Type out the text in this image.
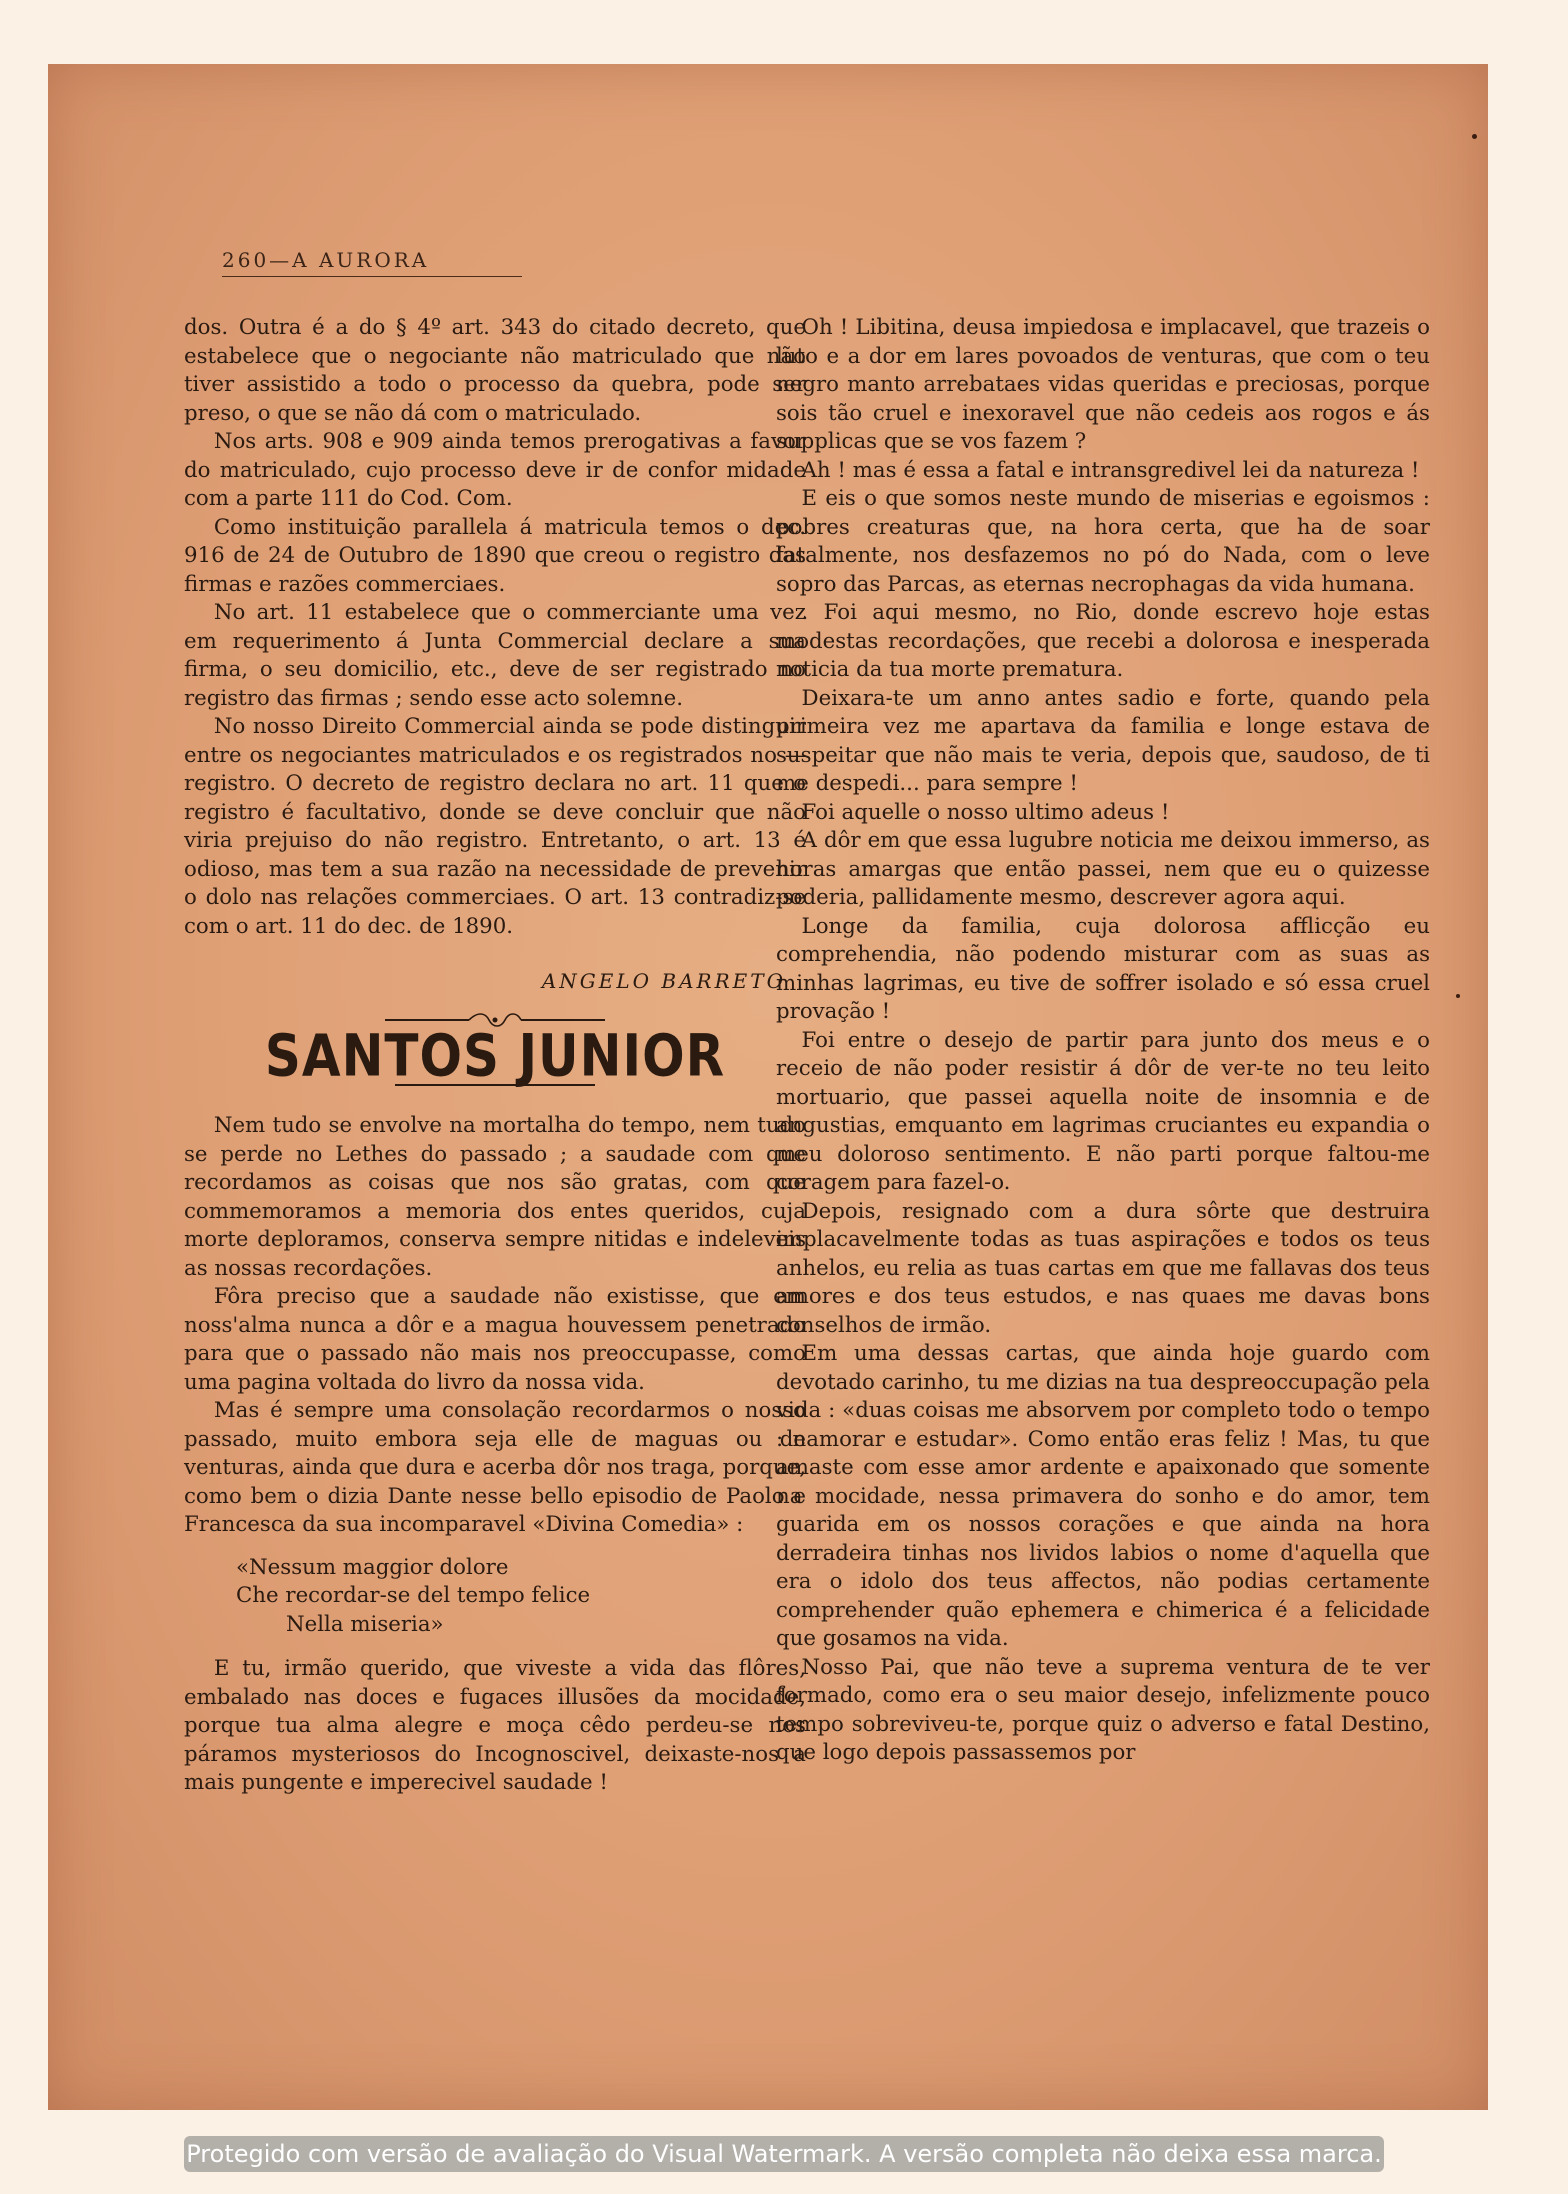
260—A AURORA

dos. Outra é a do § 4º art. 343 do citado decreto, que estabelece que o negociante não matriculado que não tiver assistido a todo o processo da quebra, pode ser preso, o que se não dá com o matriculado.

Nos arts. 908 e 909 ainda temos prerogativas a favor do matriculado, cujo processo deve ir de confor midade com a parte 111 do Cod. Com.

Como instituição parallela á matricula temos o dec. 916 de 24 de Outubro de 1890 que creou o registro das firmas e razões commerciaes.

No art. 11 estabelece que o commerciante uma vez em requerimento á Junta Commercial declare a sua firma, o seu domicilio, etc., deve de ser registrado no registro das firmas ; sendo esse acto solemne.

No nosso Direito Commercial ainda se pode distinguir entre os negociantes matriculados e os registrados no — registro. O decreto de registro declara no art. 11 que o registro é facultativo, donde se deve concluir que não viria prejuiso do não registro. Entretanto, o art. 13 é odioso, mas tem a sua razão na necessidade de prevenir o dolo nas relações commerciaes. O art. 13 contradiz-se com o art. 11 do dec. de 1890.

ANGELO BARRETO
SANTOS JUNIOR

Nem tudo se envolve na mortalha do tempo, nem tudo se perde no Lethes do passado ; a saudade com que recordamos as coisas que nos são gratas, com que commemoramos a memoria dos entes queridos, cuja morte deploramos, conserva sempre nitidas e indeleveis as nossas recordações.

Fôra preciso que a saudade não existisse, que em noss'alma nunca a dôr e a magua houvessem penetrado para que o passado não mais nos preoccupasse, como uma pagina voltada do livro da nossa vida.

Mas é sempre uma consolação recordarmos o nosso passado, muito embora seja elle de maguas ou de venturas, ainda que dura e acerba dôr nos traga, porque, como bem o dizia Dante nesse bello episodio de Paolo e Francesca da sua incomparavel «Divina Comedia» :

«Nessum maggior dolore
Che recordar-se del tempo felice
Nella miseria»

E tu, irmão querido, que viveste a vida das flôres, embalado nas doces e fugaces illusões da mocidade, porque tua alma alegre e moça cêdo perdeu-se nos páramos mysteriosos do Incognoscivel, deixaste-nos a mais pungente e imperecivel saudade !

Oh ! Libitina, deusa impiedosa e implacavel, que trazeis o luto e a dor em lares povoados de venturas, que com o teu negro manto arrebataes vidas queridas e preciosas, porque sois tão cruel e inexoravel que não cedeis aos rogos e ás supplicas que se vos fazem ?

Ah ! mas é essa a fatal e intransgredivel lei da natureza !

E eis o que somos neste mundo de miserias e egoismos : pobres creaturas que, na hora certa, que ha de soar fatalmente, nos desfazemos no pó do Nada, com o leve sopro das Parcas, as eternas necrophagas da vida humana.

. Foi aqui mesmo, no Rio, donde escrevo hoje estas modestas recordações, que recebi a dolorosa e inesperada noticia da tua morte prematura.

Deixara-te um anno antes sadio e forte, quando pela primeira vez me apartava da familia e longe estava de suspeitar que não mais te veria, depois que, saudoso, de ti me despedi... para sempre !

Foi aquelle o nosso ultimo adeus !

A dôr em que essa lugubre noticia me deixou immerso, as horas amargas que então passei, nem que eu o quizesse poderia, pallidamente mesmo, descrever agora aqui.

Longe da familia, cuja dolorosa afflicção eu comprehendia, não podendo misturar com as suas as minhas lagrimas, eu tive de soffrer isolado e só essa cruel provação !

Foi entre o desejo de partir para junto dos meus e o receio de não poder resistir á dôr de ver-te no teu leito mortuario, que passei aquella noite de insomnia e de angustias, emquanto em lagrimas cruciantes eu expandia o meu doloroso sentimento. E não parti porque faltou-me coragem para fazel-o.

Depois, resignado com a dura sôrte que destruira implacavelmente todas as tuas aspirações e todos os teus anhelos, eu relia as tuas cartas em que me fallavas dos teus amores e dos teus estudos, e nas quaes me davas bons conselhos de irmão.

Em uma dessas cartas, que ainda hoje guardo com devotado carinho, tu me dizias na tua despreoccupação pela vida : «duas coisas me absorvem por completo todo o tempo : namorar e estudar». Como então eras feliz ! Mas, tu que amaste com esse amor ardente e apaixonado que somente na mocidade, nessa primavera do sonho e do amor, tem guarida em os nossos corações e que ainda na hora derradeira tinhas nos lividos labios o nome d'aquella que era o idolo dos teus affectos, não podias certamente comprehender quão ephemera e chimerica é a felicidade que gosamos na vida.

Nosso Pai, que não teve a suprema ventura de te ver formado, como era o seu maior desejo, infelizmente pouco tempo sobreviveu-te, porque quiz o adverso e fatal Destino, que logo depois passassemos por

Protegido com versão de avaliação do Visual Watermark. A versão completa não deixa essa marca.
